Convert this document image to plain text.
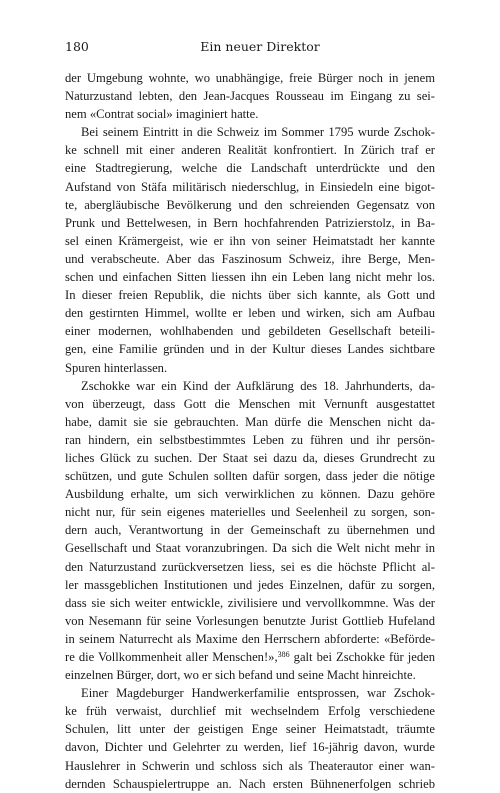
180	Ein neuer Direktor
der Umgebung wohnte, wo unabhängige, freie Bürger noch in jenem
Naturzustand lebten, den Jean-Jacques Rousseau im Eingang zu sei-
nem «Contrat social» imaginiert hatte.
Bei seinem Eintritt in die Schweiz im Sommer 1795 wurde Zschok-
ke schnell mit einer anderen Realität konfrontiert. In Zürich traf er
eine Stadtregierung, welche die Landschaft unterdrückte und den
Aufstand von Stäfa militärisch niederschlug, in Einsiedeln eine bigot-
te, abergläubische Bevölkerung und den schreienden Gegensatz von
Prunk und Bettelwesen, in Bern hochfahrenden Patrizierstolz, in Ba-
sel einen Krämergeist, wie er ihn von seiner Heimatstadt her kannte
und verabscheute. Aber das Faszinosum Schweiz, ihre Berge, Men-
schen und einfachen Sitten liessen ihn ein Leben lang nicht mehr los.
In dieser freien Republik, die nichts über sich kannte, als Gott und
den gestirnten Himmel, wollte er leben und wirken, sich am Aufbau
einer modernen, wohlhabenden und gebildeten Gesellschaft beteili-
gen, eine Familie gründen und in der Kultur dieses Landes sichtbare
Spuren hinterlassen.
Zschokke war ein Kind der Aufklärung des 18. Jahrhunderts, da-
von überzeugt, dass Gott die Menschen mit Vernunft ausgestattet
habe, damit sie sie gebrauchten. Man dürfe die Menschen nicht da-
ran hindern, ein selbstbestimmtes Leben zu führen und ihr persön-
liches Glück zu suchen. Der Staat sei dazu da, dieses Grundrecht zu
schützen, und gute Schulen sollten dafür sorgen, dass jeder die nötige
Ausbildung erhalte, um sich verwirklichen zu können. Dazu gehöre
nicht nur, für sein eigenes materielles und Seelenheil zu sorgen, son-
dern auch, Verantwortung in der Gemeinschaft zu übernehmen und
Gesellschaft und Staat voranzubringen. Da sich die Welt nicht mehr in
den Naturzustand zurückversetzen liess, sei es die höchste Pflicht al-
ler massgeblichen Institutionen und jedes Einzelnen, dafür zu sorgen,
dass sie sich weiter entwickle, zivilisiere und vervollkommne. Was der
von Nesemann für seine Vorlesungen benutzte Jurist Gottlieb Hufeland
in seinem Naturrecht als Maxime den Herrschern abforderte: «Beförde-
re die Vollkommenheit aller Menschen!»,$^{386}$ galt bei Zschokke für jeden
einzelnen Bürger, dort, wo er sich befand und seine Macht hinreichte.
Einer Magdeburger Handwerkerfamilie entsprossen, war Zschok-
ke früh verwaist, durchlief mit wechselndem Erfolg verschiedene
Schulen, litt unter der geistigen Enge seiner Heimatstadt, träumte
davon, Dichter und Gelehrter zu werden, lief 16-jährig davon, wurde
Hauslehrer in Schwerin und schloss sich als Theaterautor einer wan-
dernden Schauspielertruppe an. Nach ersten Bühnenerfolgen schrieb
